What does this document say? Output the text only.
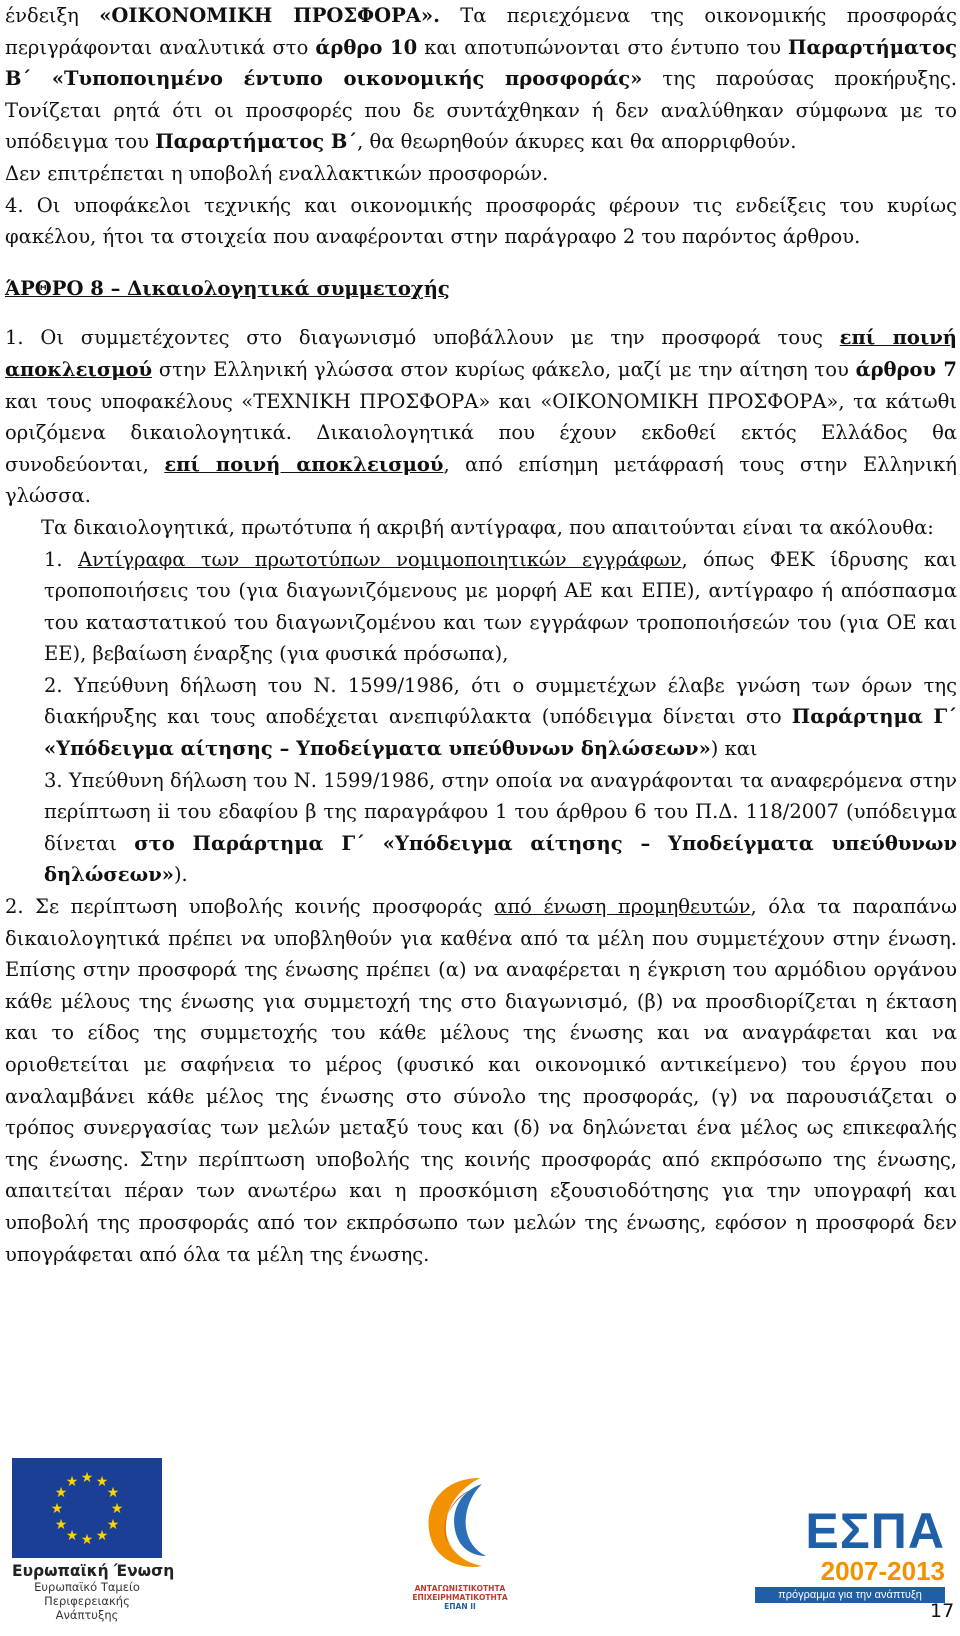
ένδειξη «ΟΙΚΟΝΟΜΙΚΗ ΠΡΟΣΦΟΡΑ». Τα περιεχόμενα της οικονομικής προσφοράς περιγράφονται αναλυτικά στο άρθρο 10 και αποτυπώνονται στο έντυπο του Παραρτήματος Β΄ «Τυποποιημένο έντυπο οικονομικής προσφοράς» της παρούσας προκήρυξης. Τονίζεται ρητά ότι οι προσφορές που δε συντάχθηκαν ή δεν αναλύθηκαν σύμφωνα με το υπόδειγμα του Παραρτήματος Β΄, θα θεωρηθούν άκυρες και θα απορριφθούν.

Δεν επιτρέπεται η υποβολή εναλλακτικών προσφορών.

4. Οι υποφάκελοι τεχνικής και οικονομικής προσφοράς φέρουν τις ενδείξεις του κυρίως φακέλου, ήτοι τα στοιχεία που αναφέρονται στην παράγραφο 2 του παρόντος άρθρου.

ΆΡΘΡΟ 8 – Δικαιολογητικά συμμετοχής

1. Οι συμμετέχοντες στο διαγωνισμό υποβάλλουν με την προσφορά τους επί ποινή αποκλεισμού στην Ελληνική γλώσσα στον κυρίως φάκελο, μαζί με την αίτηση του άρθρου 7 και τους υποφακέλους «ΤΕΧΝΙΚΗ ΠΡΟΣΦΟΡΑ» και «ΟΙΚΟΝΟΜΙΚΗ ΠΡΟΣΦΟΡΑ», τα κάτωθι οριζόμενα δικαιολογητικά. Δικαιολογητικά που έχουν εκδοθεί εκτός Ελλάδος θα συνοδεύονται, επί ποινή αποκλεισμού, από επίσημη μετάφρασή τους στην Ελληνική γλώσσα.

Τα δικαιολογητικά, πρωτότυπα ή ακριβή αντίγραφα, που απαιτούνται είναι τα ακόλουθα:

1. Αντίγραφα των πρωτοτύπων νομιμοποιητικών εγγράφων, όπως ΦΕΚ ίδρυσης και τροποποιήσεις του (για διαγωνιζόμενους με μορφή ΑΕ και ΕΠΕ), αντίγραφο ή απόσπασμα του καταστατικού του διαγωνιζομένου και των εγγράφων τροποποιήσεών του (για ΟΕ και ΕΕ), βεβαίωση έναρξης (για φυσικά πρόσωπα),

2. Υπεύθυνη δήλωση του Ν. 1599/1986, ότι ο συμμετέχων έλαβε γνώση των όρων της διακήρυξης και τους αποδέχεται ανεπιφύλακτα (υπόδειγμα δίνεται στο Παράρτημα Γ΄ «Υπόδειγμα αίτησης – Υποδείγματα υπεύθυνων δηλώσεων») και

3. Υπεύθυνη δήλωση του Ν. 1599/1986, στην οποία να αναγράφονται τα αναφερόμενα στην περίπτωση ii του εδαφίου β της παραγράφου 1 του άρθρου 6 του Π.Δ. 118/2007 (υπόδειγμα δίνεται στο Παράρτημα Γ΄ «Υπόδειγμα αίτησης – Υποδείγματα υπεύθυνων δηλώσεων»).

2. Σε περίπτωση υποβολής κοινής προσφοράς από ένωση προμηθευτών, όλα τα παραπάνω δικαιολογητικά πρέπει να υποβληθούν για καθένα από τα μέλη που συμμετέχουν στην ένωση. Επίσης στην προσφορά της ένωσης πρέπει (α) να αναφέρεται η έγκριση του αρμόδιου οργάνου κάθε μέλους της ένωσης για συμμετοχή της στο διαγωνισμό, (β) να προσδιορίζεται η έκταση και το είδος της συμμετοχής του κάθε μέλους της ένωσης και να αναγράφεται και να οριοθετείται με σαφήνεια το μέρος (φυσικό και οικονομικό αντικείμενο) του έργου που αναλαμβάνει κάθε μέλος της ένωσης στο σύνολο της προσφοράς, (γ) να παρουσιάζεται ο τρόπος συνεργασίας των μελών μεταξύ τους και (δ) να δηλώνεται ένα μέλος ως επικεφαλής της ένωσης. Στην περίπτωση υποβολής της κοινής προσφοράς από εκπρόσωπο της ένωσης, απαιτείται πέραν των ανωτέρω και η προσκόμιση εξουσιοδότησης για την υπογραφή και υποβολή της προσφοράς από τον εκπρόσωπο των μελών της ένωσης, εφόσον η προσφορά δεν υπογράφεται από όλα τα μέλη της ένωσης.

★ ★
★
★
★
★
★
★
★
★
★
★
Ευρωπαϊκή Ένωση
Ευρωπαϊκό Ταμείο
Περιφερειακής Ανάπτυξης
ΑΝΤΑΓΩΝΙΣΤΙΚΟΤΗΤΑ
ΕΠΙΧΕΙΡΗΜΑΤΙΚΟΤΗΤΑ
ΕΠΑΝ II
ΕΣΠΑ
2007-2013
πρόγραμμα για την ανάπτυξη
17
